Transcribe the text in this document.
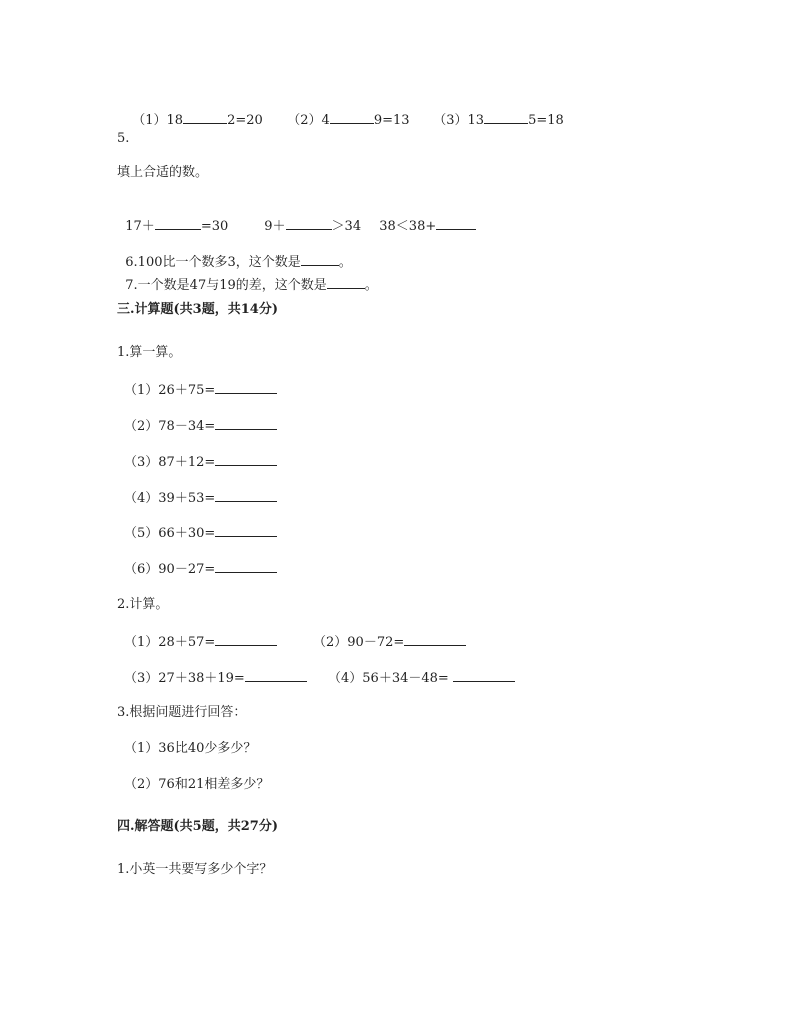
（1）18	2=20	（2）4	9=13	（3）13	5=18

5.
填上合适的数。

17＋	=30	9＋	＞34	38＜38+

6.100比一个数多3，这个数是	。

7.一个数是47与19的差，这个数是	。

三.计算题(共3题，共14分)
1.算一算。
（1）26＋75=
（2）78－34=
（3）87＋12=
（4）39＋53=
（5）66＋30=
（6）90－27=
2.计算。
（1）28＋57=	（2）90－72=
（3）27＋38＋19=	（4）56＋34－48=
3.根据问题进行回答：
（1）36比40少多少？
（2）76和21相差多少？
四.解答题(共5题，共27分)
1.小英一共要写多少个字？
